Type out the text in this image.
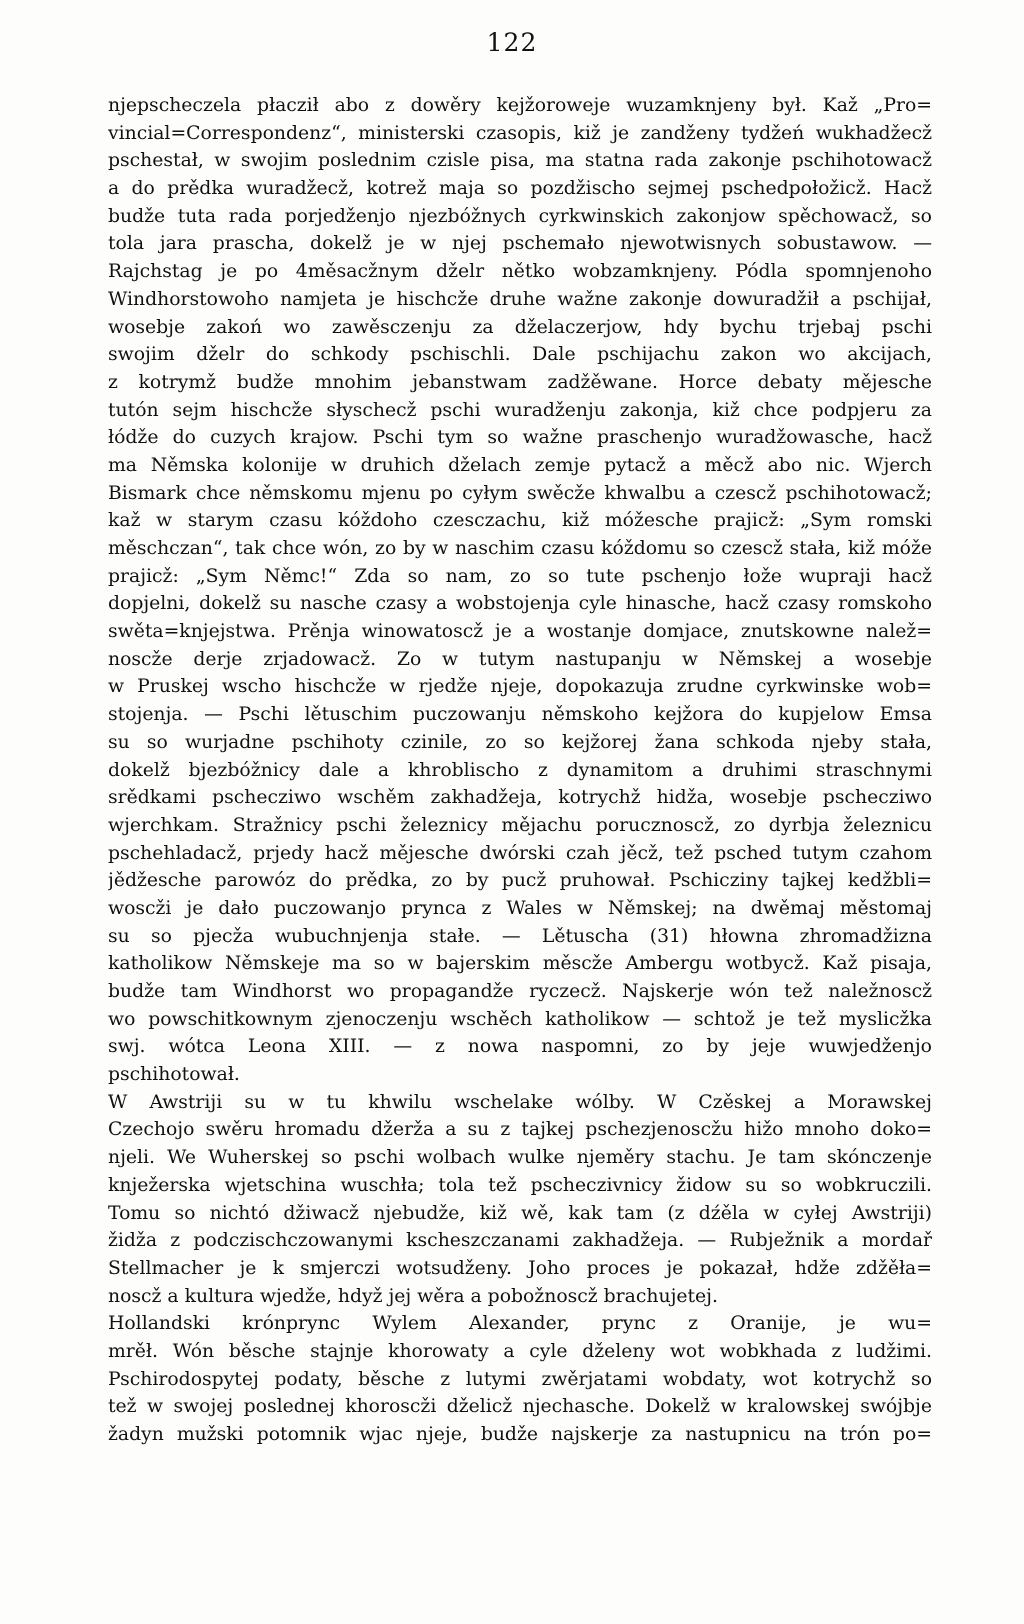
122
njepscheczela płacził abo z dowěry kejžoroweje wuzamknjeny był. Kaž „Pro=
vincial=Correspondenz“, ministerski czasopis, kiž je zandženy tydžeń wukhadžecž
pschestał, w swojim poslednim czisle pisa, ma statna rada zakonje pschihotowacž
a do prědka wuradžecž, kotrež maja so pozdžischo sejmej pschedpołožicž. Hacž
budže tuta rada porjedženjo njezbóžnych cyrkwinskich zakonjow spěchowacž, so
tola jara prascha, dokelž je w njej pschemało njewotwisnych sobustawow. —
Rajchstag je po 4měsacžnym dželr nětko wobzamknjeny. Pódla spomnjenoho
Windhorstowoho namjeta je hischcže druhe wažne zakonje dowuradžił a pschijał,
wosebje zakoń wo zawěsczenju za dželaczerjow, hdy bychu trjebaj pschi
swojim dželr do schkody pschischli. Dale pschijachu zakon wo akcijach,
z kotrymž budže mnohim jebanstwam zadžěwane. Horce debaty mějesche
tutón sejm hischcže słyschecž pschi wuradženju zakonja, kiž chce podpjeru za
łódže do cuzych krajow. Pschi tym so wažne praschenjo wuradžowasche, hacž
ma Němska kolonije w druhich dželach zemje pytacž a měcž abo nic. Wjerch
Bismark chce němskomu mjenu po cyłym swěcže khwalbu a czescž pschihotowacž;
kaž w starym czasu kóždoho czesczachu, kiž móžesche prajicž: „Sym romski
měschczan“, tak chce wón, zo by w naschim czasu kóždomu so czescž stała, kiž móže
prajicž: „Sym Němc!“ Zda so nam, zo so tute pschenjo łože wupraji hacž
dopjelni, dokelž su nasche czasy a wobstojenja cyle hinasche, hacž czasy romskoho
swěta=knjejstwa. Prěnja winowatoscž je a wostanje domjace, znutskowne nalež=
noscže derje zrjadowacž. Zo w tutym nastupanju w Němskej a wosebje
w Pruskej wscho hischcže w rjedže njeje, dopokazuja zrudne cyrkwinske wob=
stojenja. — Pschi lětuschim puczowanju němskoho kejžora do kupjelow Emsa
su so wurjadne pschihoty czinile, zo so kejžorej žana schkoda njeby stała,
dokelž bjezbóžnicy dale a khroblischo z dynamitom a druhimi straschnymi
srědkami pschecziwo wschěm zakhadžeja, kotrychž hidža, wosebje pschecziwo
wjerchkam. Stražnicy pschi železnicy mějachu porucznoscž, zo dyrbja železnicu
pschehladacž, prjedy hacž mějesche dwórski czah jěcž, tež psched tutym czahom
jědžesche parowóz do prědka, zo by pucž pruhował. Pschicziny tajkej kedžbli=
woscži je dało puczowanjo prynca z Wales w Němskej; na dwěmaj městomaj
su so pjecža wubuchnjenja stałe. — Lětuscha (31) hłowna zhromadžizna
katholikow Němskeje ma so w bajerskim měscže Ambergu wotbycž. Kaž pisaja,
budže tam Windhorst wo propagandže ryczecž. Najskerje wón tež naležnoscž
wo powschitkownym zjenoczenju wschěch katholikow — schtož je tež myslicžka
swj. wótca Leona XIII. — z nowa naspomni, zo by jeje wuwjedženjo
pschihotował.
W Awstriji su w tu khwilu wschelake wólby. W Czěskej a Morawskej
Czechojo swěru hromadu džerža a su z tajkej pschezjenoscžu hižo mnoho doko=
njeli. We Wuherskej so pschi wolbach wulke njeměry stachu. Je tam skónczenje
knježerska wjetschina wuschła; tola tež pscheczivnicy židow su so wobkruczili.
Tomu so nichtó džiwacž njebudže, kiž wě, kak tam (z dźěla w cyłej Awstriji)
židža z podczischczowanymi kscheszczanami zakhadžeja. — Rubježnik a mordař
Stellmacher je k smjerczi wotsudženy. Joho proces je pokazał, hdže zdžěła=
noscž a kultura wjedže, hdyž jej wěra a pobožnoscž brachujetej.
Hollandski krónprync Wylem Alexander, prync z Oranije, je wu=
mrěł. Wón běsche stajnje khorowaty a cyle dželeny wot wobkhada z ludžimi.
Pschirodospytej podaty, běsche z lutymi zwěrjatami wobdaty, wot kotrychž so
tež w swojej poslednej khoroscži dželicž njechasche. Dokelž w kralowskej swójbje
žadyn mužski potomnik wjac njeje, budže najskerje za nastupnicu na trón po=
